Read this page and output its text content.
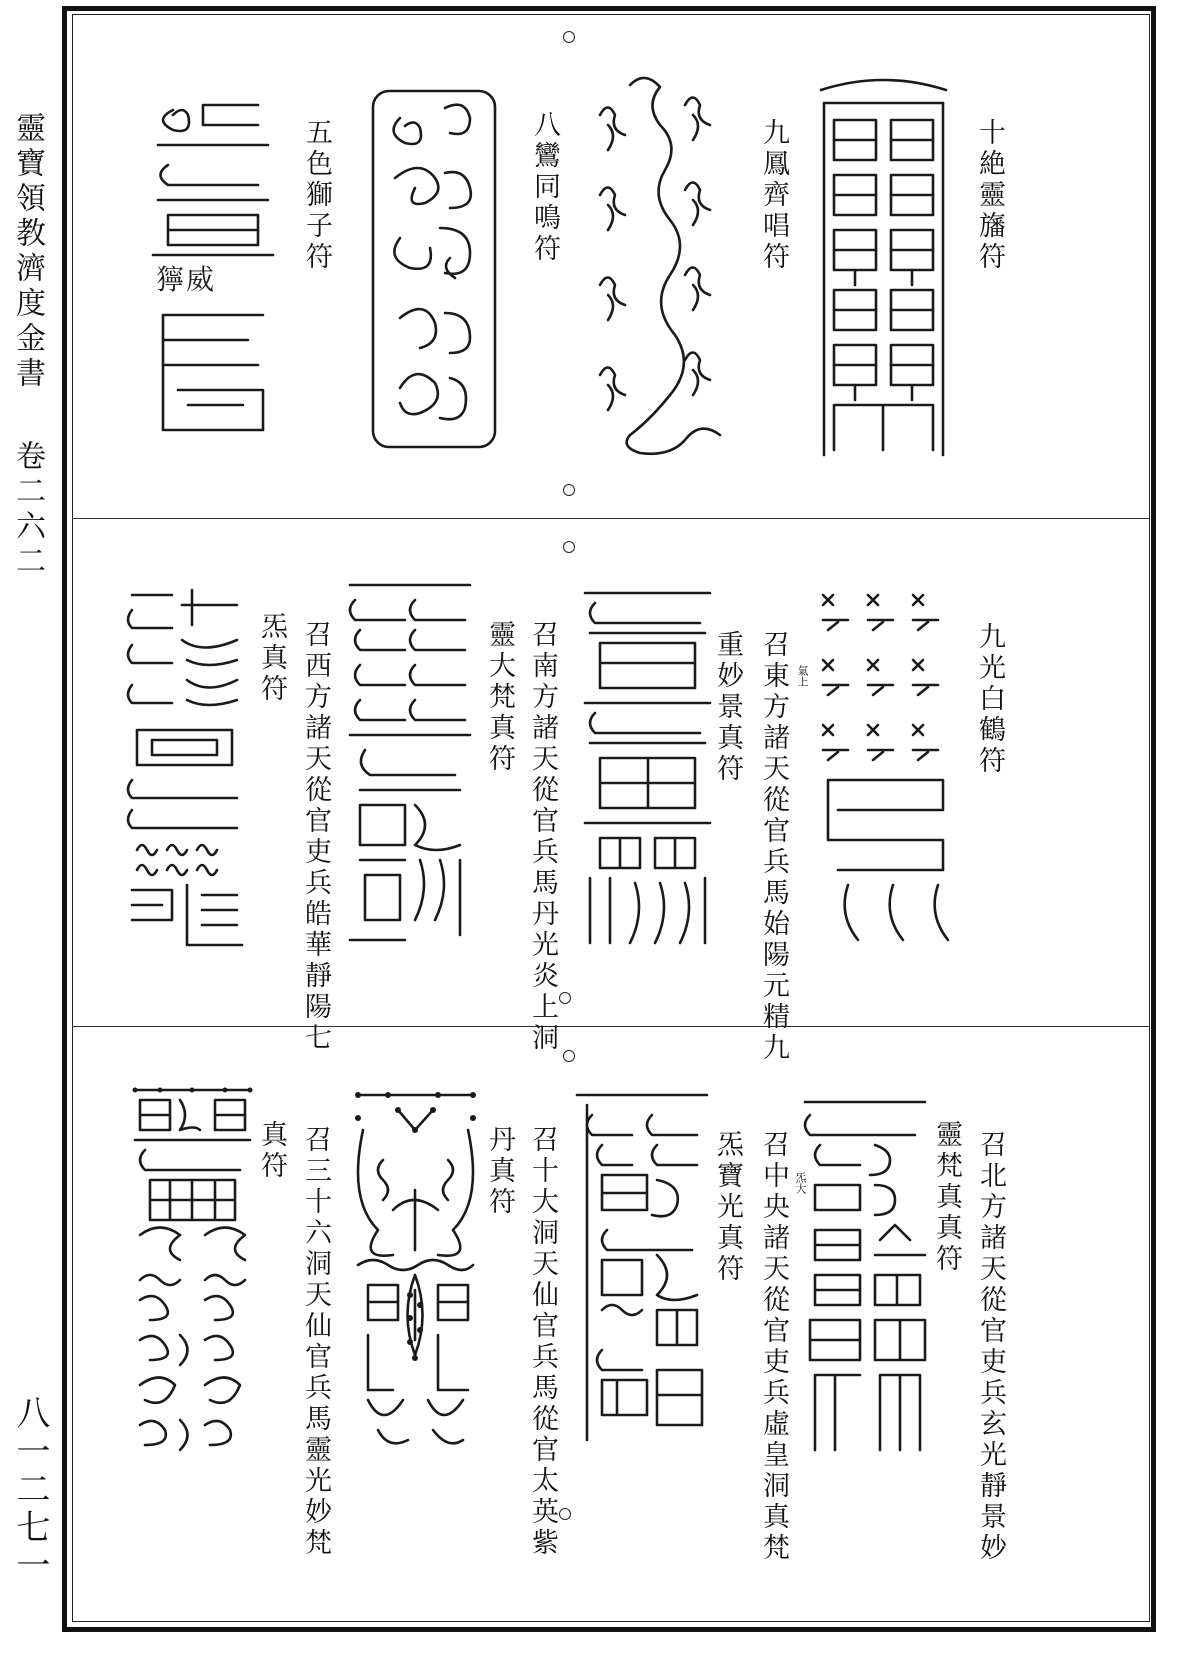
靈寶領教濟度金書
卷二六二
八一二七一
十絶靈旛符
九鳳齊唱符
八鸞同鳴符
五色獅子符
獰威
九光白鶴符
召東方諸天從官兵馬始陽元精九
重妙景真符	氣上
召南方諸天從官兵馬丹光炎上洞
靈大梵真符
召西方諸天從官吏兵皓華靜陽七
炁真符
召北方諸天從官吏兵玄光靜景妙
靈梵真真符
召中央諸天從官吏兵虛皇洞真梵
炁寶光真符	炁大
召十大洞天仙官兵馬從官太英紫
丹真符
召三十六洞天仙官兵馬靈光妙梵
真符
